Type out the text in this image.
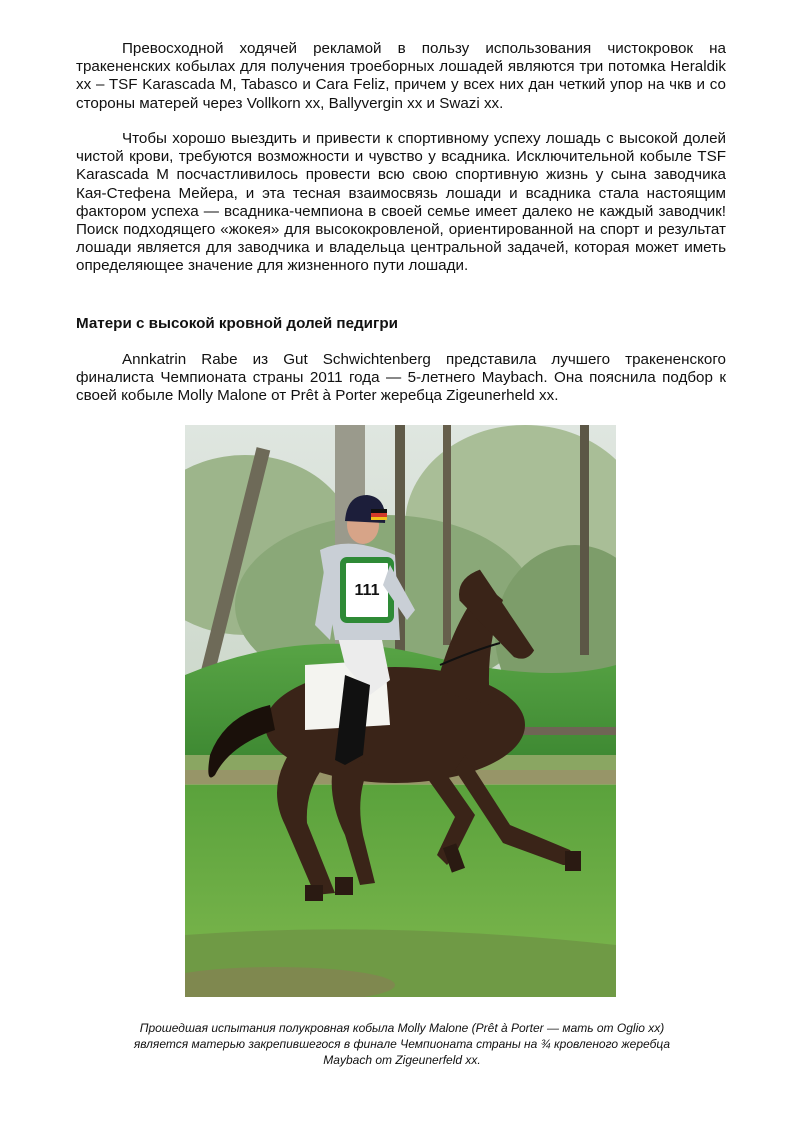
Превосходной ходячей рекламой в пользу использования чистокровок на тракененских кобылах для получения троеборных лошадей являются три потомка Heraldik xx – TSF Karascada M, Tabasco и Cara Feliz, причем у всех них дан четкий упор на чкв и со стороны матерей через Vollkorn xx, Ballyvergin xx и Swazi xx.

Чтобы хорошо выездить и привести к спортивному успеху лошадь с высокой долей чистой крови, требуются возможности и чувство у всадника. Исключительной кобыле TSF Karascada M посчастливилось провести всю свою спортивную жизнь у сына заводчика Кая-Стефена Мейера, и эта тесная взаимосвязь лошади и всадника стала настоящим фактором успеха — всадника-чемпиона в своей семье имеет далеко не каждый заводчик! Поиск подходящего «жокея» для высококровленой, ориентированной на спорт и результат лошади является для заводчика и владельца центральной задачей, которая может иметь определяющее значение для жизненного пути лошади.

Матери с высокой кровной долей педигри

Annkatrin Rabe из Gut Schwichtenberg представила лучшего тракененского финалиста Чемпионата страны 2011 года — 5-летнего Maybach. Она пояснила подбор к своей кобыле Molly Malone от Prêt à Porter жеребца Zigeunerheld xx.

111

Прошедшая испытания полукровная кобыла Molly Malone (Prêt à Porter — мать от Oglio xx)
является матерью закрепившегося в финале Чемпионата страны на ¾ кровленого жеребца
Maybach от Zigeunerfeld xx.
